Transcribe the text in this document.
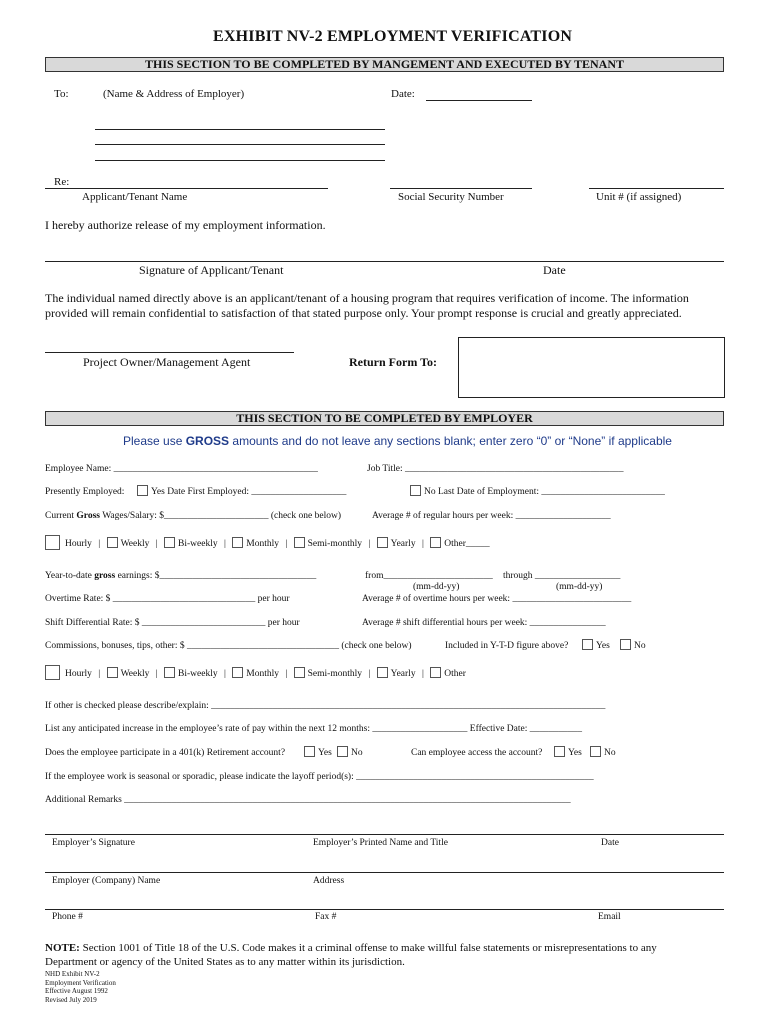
EXHIBIT NV-2 EMPLOYMENT VERIFICATION
THIS SECTION TO BE COMPLETED BY MANGEMENT AND EXECUTED BY TENANT
To:	(Name & Address of Employer)	Date:
Re:
Applicant/Tenant Name	Social Security Number	Unit # (if assigned)
I hereby authorize release of my employment information.
Signature of Applicant/Tenant	Date
The individual named directly above is an applicant/tenant of a housing program that requires verification of income. The information
provided will remain confidential to satisfaction of that stated purpose only. Your prompt response is crucial and greatly appreciated.
Project Owner/Management Agent	Return Form To:
THIS SECTION TO BE COMPLETED BY EMPLOYER
Please use GROSS amounts and do not leave any sections blank; enter zero “0” or “None” if applicable
Employee Name: ___________________________________________	Job Title: ______________________________________________
Presently Employed:	Yes Date First Employed: ____________________	No Last Date of Employment: __________________________
Current Gross Wages/Salary: $______________________ (check one below)	Average # of regular hours per week: ____________________
Hourly | Weekly | Bi-weekly | Monthly | Semi-monthly | Yearly | Other_____
Year-to-date gross earnings: $_________________________________	from_______________________ through __________________
(mm-dd-yy)	(mm-dd-yy)
Overtime Rate: $ ______________________________ per hour	Average # of overtime hours per week: _________________________
Shift Differential Rate: $ __________________________ per hour	Average # shift differential hours per week: ________________
Commissions, bonuses, tips, other: $ ________________________________ (check one below)	Included in Y-T-D figure above?	Yes	No
Hourly | Weekly | Bi-weekly | Monthly | Semi-monthly | Yearly | Other
If other is checked please describe/explain: ___________________________________________________________________________________
List any anticipated increase in the employee’s rate of pay within the next 12 months: ____________________ Effective Date: ___________
Does the employee participate in a 401(k) Retirement account?	Yes	No	Can employee access the account?	Yes	No
If the employee work is seasonal or sporadic, please indicate the layoff period(s): __________________________________________________
Additional Remarks ______________________________________________________________________________________________
Employer’s Signature	Employer’s Printed Name and Title	Date
Employer (Company) Name	Address
Phone #	Fax #	Email
NOTE: Section 1001 of Title 18 of the U.S. Code makes it a criminal offense to make willful false statements or misrepresentations to any
Department or agency of the United States as to any matter within its jurisdiction.
NHD Exhibit NV-2
Employment Verification
Effective August 1992
Revised July 2019
